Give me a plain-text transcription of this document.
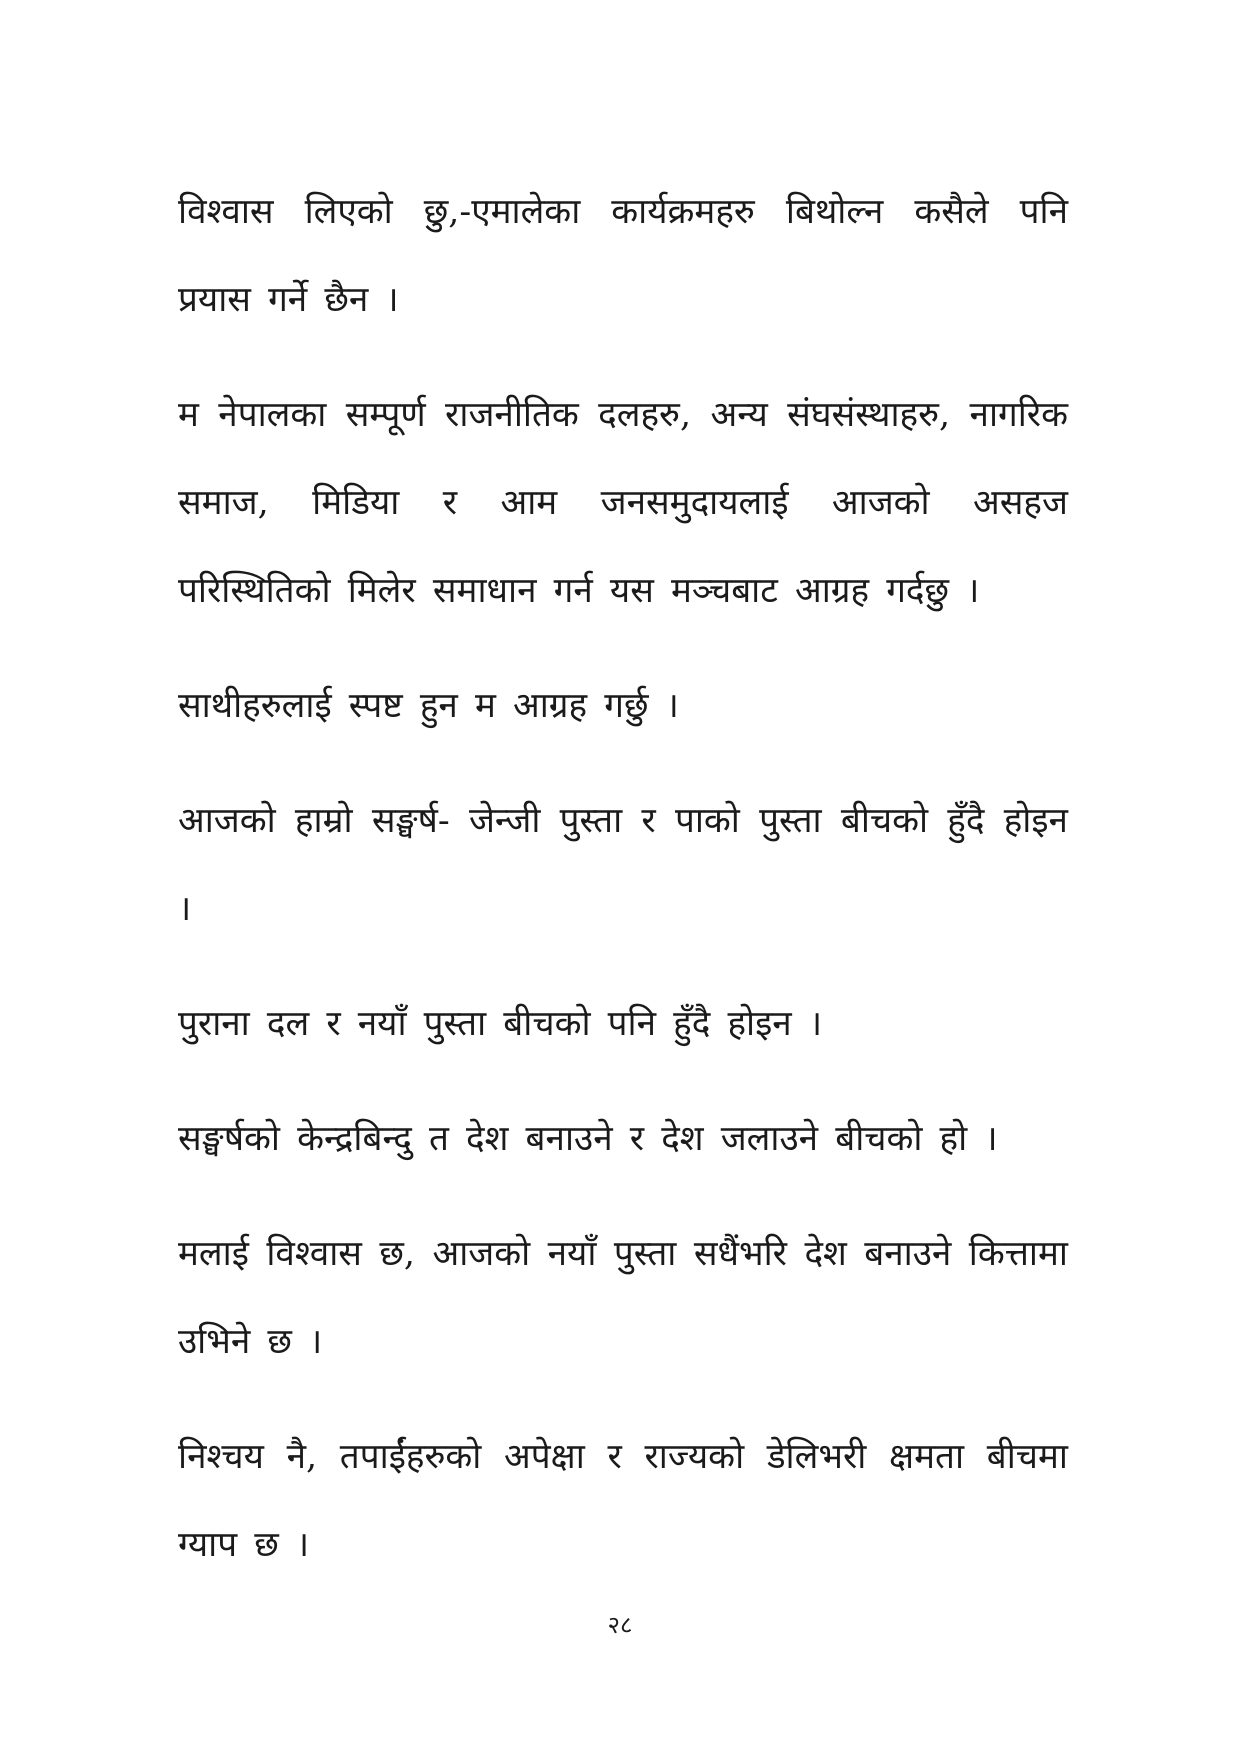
विश्वास लिएको छु,-एमालेका कार्यक्रमहरु बिथोल्न कसैले पनि प्रयास गर्ने छैन ।

म नेपालका सम्पूर्ण राजनीतिक दलहरु, अन्य संघसंस्थाहरु, नागरिक समाज, मिडिया र आम जनसमुदायलाई आजको असहज परिस्थितिको मिलेर समाधान गर्न यस मञ्चबाट आग्रह गर्दछु ।

साथीहरुलाई स्पष्ट हुन म आग्रह गर्छु ।

आजको हाम्रो सङ्घर्ष- जेन्जी पुस्ता र पाको पुस्ता बीचको हुँदै होइन ।

पुराना दल र नयाँ पुस्ता बीचको पनि हुँदै होइन ।

सङ्घर्षको केन्द्रबिन्दु त देश बनाउने र देश जलाउने बीचको हो ।

मलाई विश्वास छ, आजको नयाँ पुस्ता सधैंभरि देश बनाउने कित्तामा उभिने छ ।

निश्चय नै, तपाईंहरुको अपेक्षा र राज्यको डेलिभरी क्षमता बीचमा ग्याप छ ।

२८
